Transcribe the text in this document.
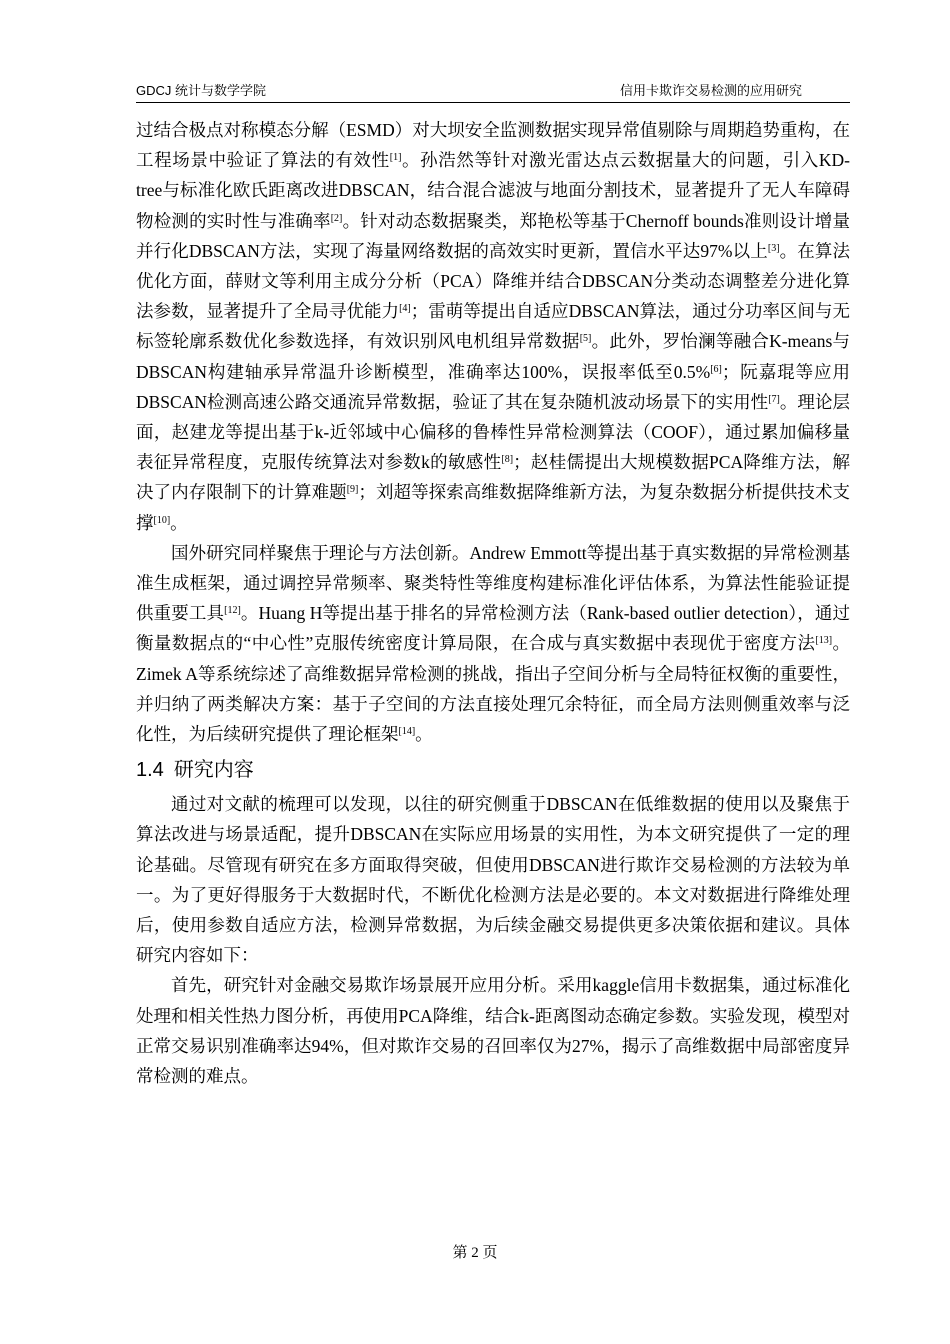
GDCJ 统计与数学学院	信用卡欺诈交易检测的应用研究

过结合极点对称模态分解（ESMD）对大坝安全监测数据实现异常值剔除与周期趋势重构，在工程场景中验证了算法的有效性[1]。孙浩然等针对激光雷达点云数据量大的问题，引入KD-tree与标准化欧氏距离改进DBSCAN，结合混合滤波与地面分割技术，显著提升了无人车障碍物检测的实时性与准确率[2]。针对动态数据聚类，郑艳松等基于Chernoff bounds准则设计增量并行化DBSCAN方法，实现了海量网络数据的高效实时更新，置信水平达97%以上[3]。在算法优化方面，薛财文等利用主成分分析（PCA）降维并结合DBSCAN分类动态调整差分进化算法参数，显著提升了全局寻优能力[4]；雷萌等提出自适应DBSCAN算法，通过分功率区间与无标签轮廓系数优化参数选择，有效识别风电机组异常数据[5]。此外，罗怡澜等融合K-means与DBSCAN构建轴承异常温升诊断模型，准确率达100%，误报率低至0.5%[6]；阮嘉琨等应用DBSCAN检测高速公路交通流异常数据，验证了其在复杂随机波动场景下的实用性[7]。理论层面，赵建龙等提出基于k-近邻域中心偏移的鲁棒性异常检测算法（COOF），通过累加偏移量表征异常程度，克服传统算法对参数k的敏感性[8]；赵桂儒提出大规模数据PCA降维方法，解决了内存限制下的计算难题[9]；刘超等探索高维数据降维新方法，为复杂数据分析提供技术支撑[10]。

国外研究同样聚焦于理论与方法创新。Andrew Emmott等提出基于真实数据的异常检测基准生成框架，通过调控异常频率、聚类特性等维度构建标准化评估体系，为算法性能验证提供重要工具[12]。Huang H等提出基于排名的异常检测方法（Rank-based outlier detection），通过衡量数据点的“中心性”克服传统密度计算局限，在合成与真实数据中表现优于密度方法[13]。Zimek A等系统综述了高维数据异常检测的挑战，指出子空间分析与全局特征权衡的重要性，并归纳了两类解决方案：基于子空间的方法直接处理冗余特征，而全局方法则侧重效率与泛化性，为后续研究提供了理论框架[14]。

1.4 研究内容

通过对文献的梳理可以发现，以往的研究侧重于DBSCAN在低维数据的使用以及聚焦于算法改进与场景适配，提升DBSCAN在实际应用场景的实用性，为本文研究提供了一定的理论基础。尽管现有研究在多方面取得突破，但使用DBSCAN进行欺诈交易检测的方法较为单一。为了更好得服务于大数据时代，不断优化检测方法是必要的。本文对数据进行降维处理后，使用参数自适应方法，检测异常数据，为后续金融交易提供更多决策依据和建议。具体研究内容如下：

首先，研究针对金融交易欺诈场景展开应用分析。采用kaggle信用卡数据集，通过标准化处理和相关性热力图分析，再使用PCA降维，结合k-距离图动态确定参数。实验发现，模型对正常交易识别准确率达94%，但对欺诈交易的召回率仅为27%，揭示了高维数据中局部密度异常检测的难点。

第 2 页
